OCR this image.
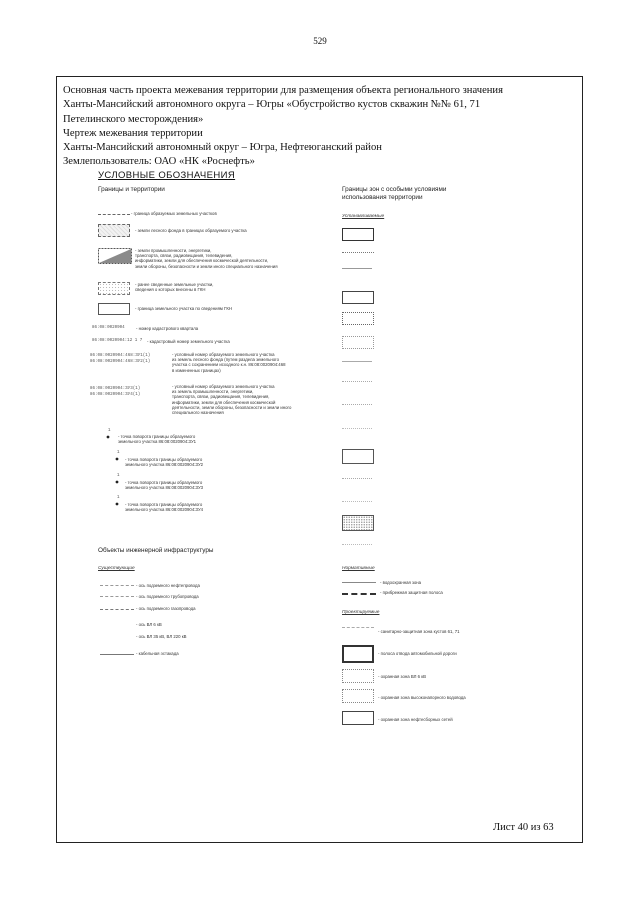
529
Основная часть проекта межевания территории для размещения объекта регионального значения
Ханты-Мансийский автономного округа – Югры «Обустройство кустов скважин №№ 61, 71
Петелинского месторождения»
Чертеж межевания территории
Ханты-Мансийский автономный округ – Югра, Нефтеюганский район
Землепользователь: ОАО «НК «Роснефть»
УСЛОВНЫЕ ОБОЗНАЧЕНИЯ
Границы и территории
- граница образуемых земельных участков
- земли лесного фонда в границах образуемого участка
- земли промышленности, энергетики,
транспорта, связи, радиовещания, телевидения,
информатики, земли для обеспечения космической деятельности,
земли обороны, безопасности и земли иного специального назначения
- ранее сведенные земельные участки,
сведения о которых внесены в ГКН
- граница земельного участка по сведениям ГКН
86:08:0020904	- номер кадастрового квартала
86:08:0020904:12 1 7 - кадастровый номер земельного участка
86:08:0020904:468:ЗУ1(1)
86:08:0020904:468:ЗУ2(1)
- условный номер образуемого земельного участка
из земель лесного фонда (путем раздела земельного
участка с сохранением исходного к.н. 86:08:0020904:468
в измененных границах)
86:08:0020904:ЗУ3(1)
86:08:0020904:ЗУ4(1)
- условный номер образуемого земельного участка
из земель промышленности, энергетики,
транспорта, связи, радиовещания, телевидения,
информатики, земли для обеспечения космической
деятельности, земли обороны, безопасности и земли иного
специального назначения
1
- точка поворота границы образуемого
земельного участка 86:08:0020904:ЗУ1
1
- точка поворота границы образуемого
земельного участка 86:08:0020904:ЗУ2
1
- точка поворота границы образуемого
земельного участка 86:08:0020904:ЗУ3
1
- точка поворота границы образуемого
земельного участка 86:08:0020904:ЗУ4
Границы зон с особыми условиями
использования территории
Устанавливаемые
Объекты инженерной инфраструктуры
Существующие
- ось подземного нефтепровода
- ось подземного трубопровода
- ось подземного газопровода
- ось ВЛ 6 кВ
- ось ВЛ 35 кВ, ВЛ 220 кВ
- кабельная эстакада
Нормативные
- водоохранная зона
- прибрежная защитная полоса
Проектируемые
- санитарно-защитная зона кустов 61, 71
- полоса отвода автомобильной дороги
- охранная зона ВЛ 6 кВ
- охранная зона высоконапорного водовода
- охранная зона нефтесборных сетей
Лист 40 из 63
